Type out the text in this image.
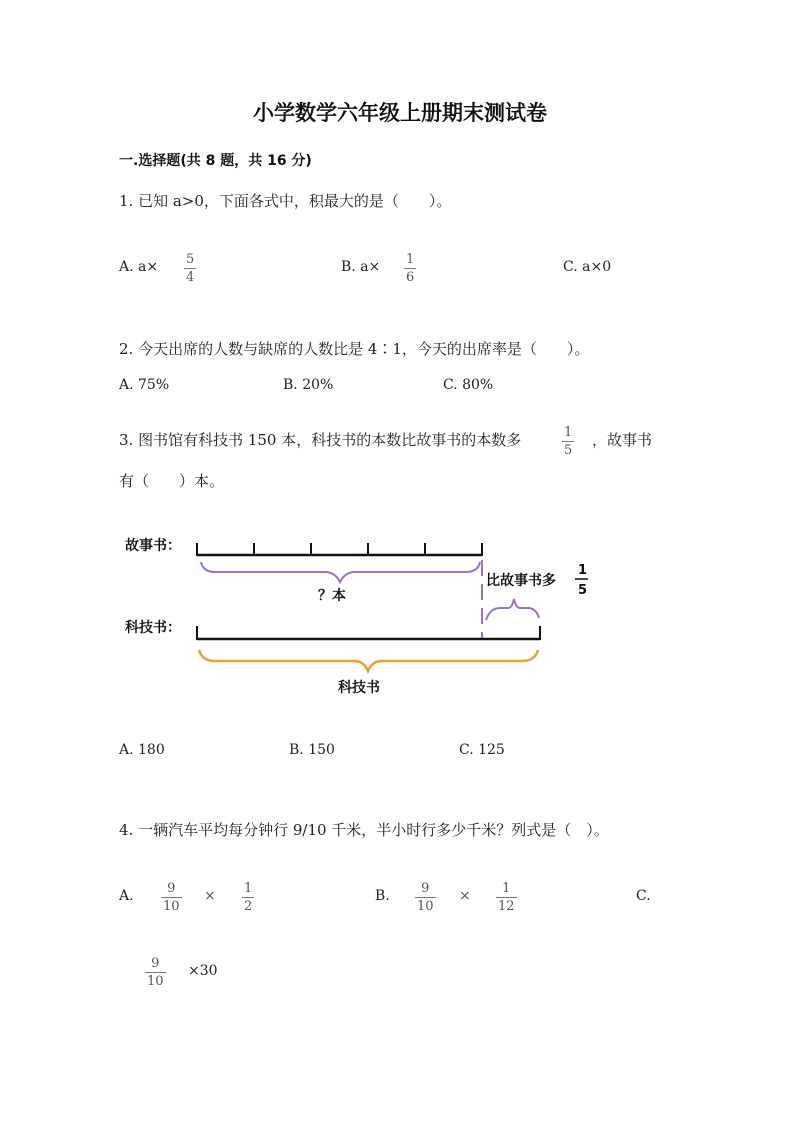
小学数学六年级上册期末测试卷
一.选择题(共 8 题，共 16 分)
1. 已知 a>0，下面各式中，积最大的是（　　）。
A. a× 5
4
B. a× 1
6
C. a×0
2. 今天出席的人数与缺席的人数比是 4∶1，今天的出席率是（　　）。
A. 75%	B. 20%	C. 80%
3. 图书馆有科技书 150 本，科技书的本数比故事书的本数多	1
5
，故事书
有（　　）本。
故事书：
？本
比故事书多
1
5
科技书：
科技书
A. 180	B. 150	C. 125
4. 一辆汽车平均每分钟行 9/10 千米，半小时行多少千米？列式是（　）。
A.	9
10
× 1
2
B. 9
10
× 1
12
C.
9
10
×30
